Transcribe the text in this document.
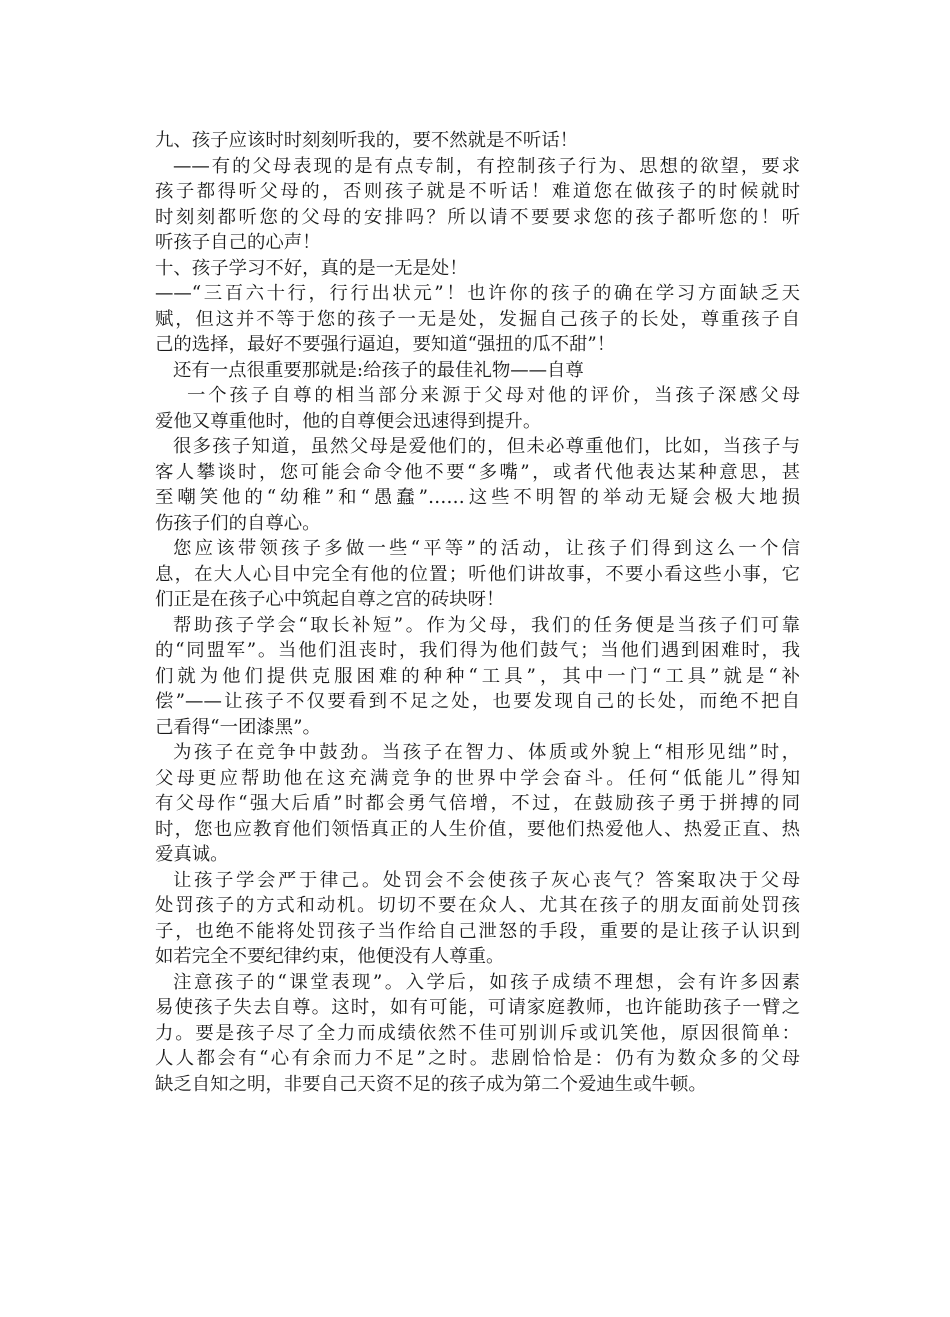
九、孩子应该时时刻刻听我的，要不然就是不听话！
——有的父母表现的是有点专制，有控制孩子行为、思想的欲望，要求
孩子都得听父母的，否则孩子就是不听话！难道您在做孩子的时候就时
时刻刻都听您的父母的安排吗？所以请不要要求您的孩子都听您的！听
听孩子自己的心声！
十、孩子学习不好，真的是一无是处！
——“三百六十行，行行出状元”！也许你的孩子的确在学习方面缺乏天
赋，但这并不等于您的孩子一无是处，发掘自己孩子的长处，尊重孩子自
己的选择，最好不要强行逼迫，要知道“强扭的瓜不甜”！
还有一点很重要那就是:给孩子的最佳礼物——自尊
一个孩子自尊的相当部分来源于父母对他的评价，当孩子深感父母
爱他又尊重他时，他的自尊便会迅速得到提升。
很多孩子知道，虽然父母是爱他们的，但未必尊重他们，比如，当孩子与
客人攀谈时，您可能会命令他不要“多嘴”，或者代他表达某种意思，甚
至嘲笑他的“幼稚”和“愚蠢”……这些不明智的举动无疑会极大地损
伤孩子们的自尊心。
您应该带领孩子多做一些“平等”的活动，让孩子们得到这么一个信
息，在大人心目中完全有他的位置；听他们讲故事，不要小看这些小事，它
们正是在孩子心中筑起自尊之宫的砖块呀！
帮助孩子学会“取长补短”。作为父母，我们的任务便是当孩子们可靠
的“同盟军”。当他们沮丧时，我们得为他们鼓气；当他们遇到困难时，我
们就为他们提供克服困难的种种“工具”，其中一门“工具”就是“补
偿”——让孩子不仅要看到不足之处，也要发现自己的长处，而绝不把自
己看得“一团漆黑”。
为孩子在竞争中鼓劲。当孩子在智力、体质或外貌上“相形见绌”时，
父母更应帮助他在这充满竞争的世界中学会奋斗。任何“低能儿”得知
有父母作“强大后盾”时都会勇气倍增，不过，在鼓励孩子勇于拼搏的同
时，您也应教育他们领悟真正的人生价值，要他们热爱他人、热爱正直、热
爱真诚。
让孩子学会严于律己。处罚会不会使孩子灰心丧气？答案取决于父母
处罚孩子的方式和动机。切切不要在众人、尤其在孩子的朋友面前处罚孩
子，也绝不能将处罚孩子当作给自己泄怒的手段，重要的是让孩子认识到
如若完全不要纪律约束，他便没有人尊重。
注意孩子的“课堂表现”。入学后，如孩子成绩不理想，会有许多因素
易使孩子失去自尊。这时，如有可能，可请家庭教师，也许能助孩子一臂之
力。要是孩子尽了全力而成绩依然不佳可别训斥或讥笑他，原因很简单：
人人都会有“心有余而力不足”之时。悲剧恰恰是：仍有为数众多的父母
缺乏自知之明，非要自己天资不足的孩子成为第二个爱迪生或牛顿。
